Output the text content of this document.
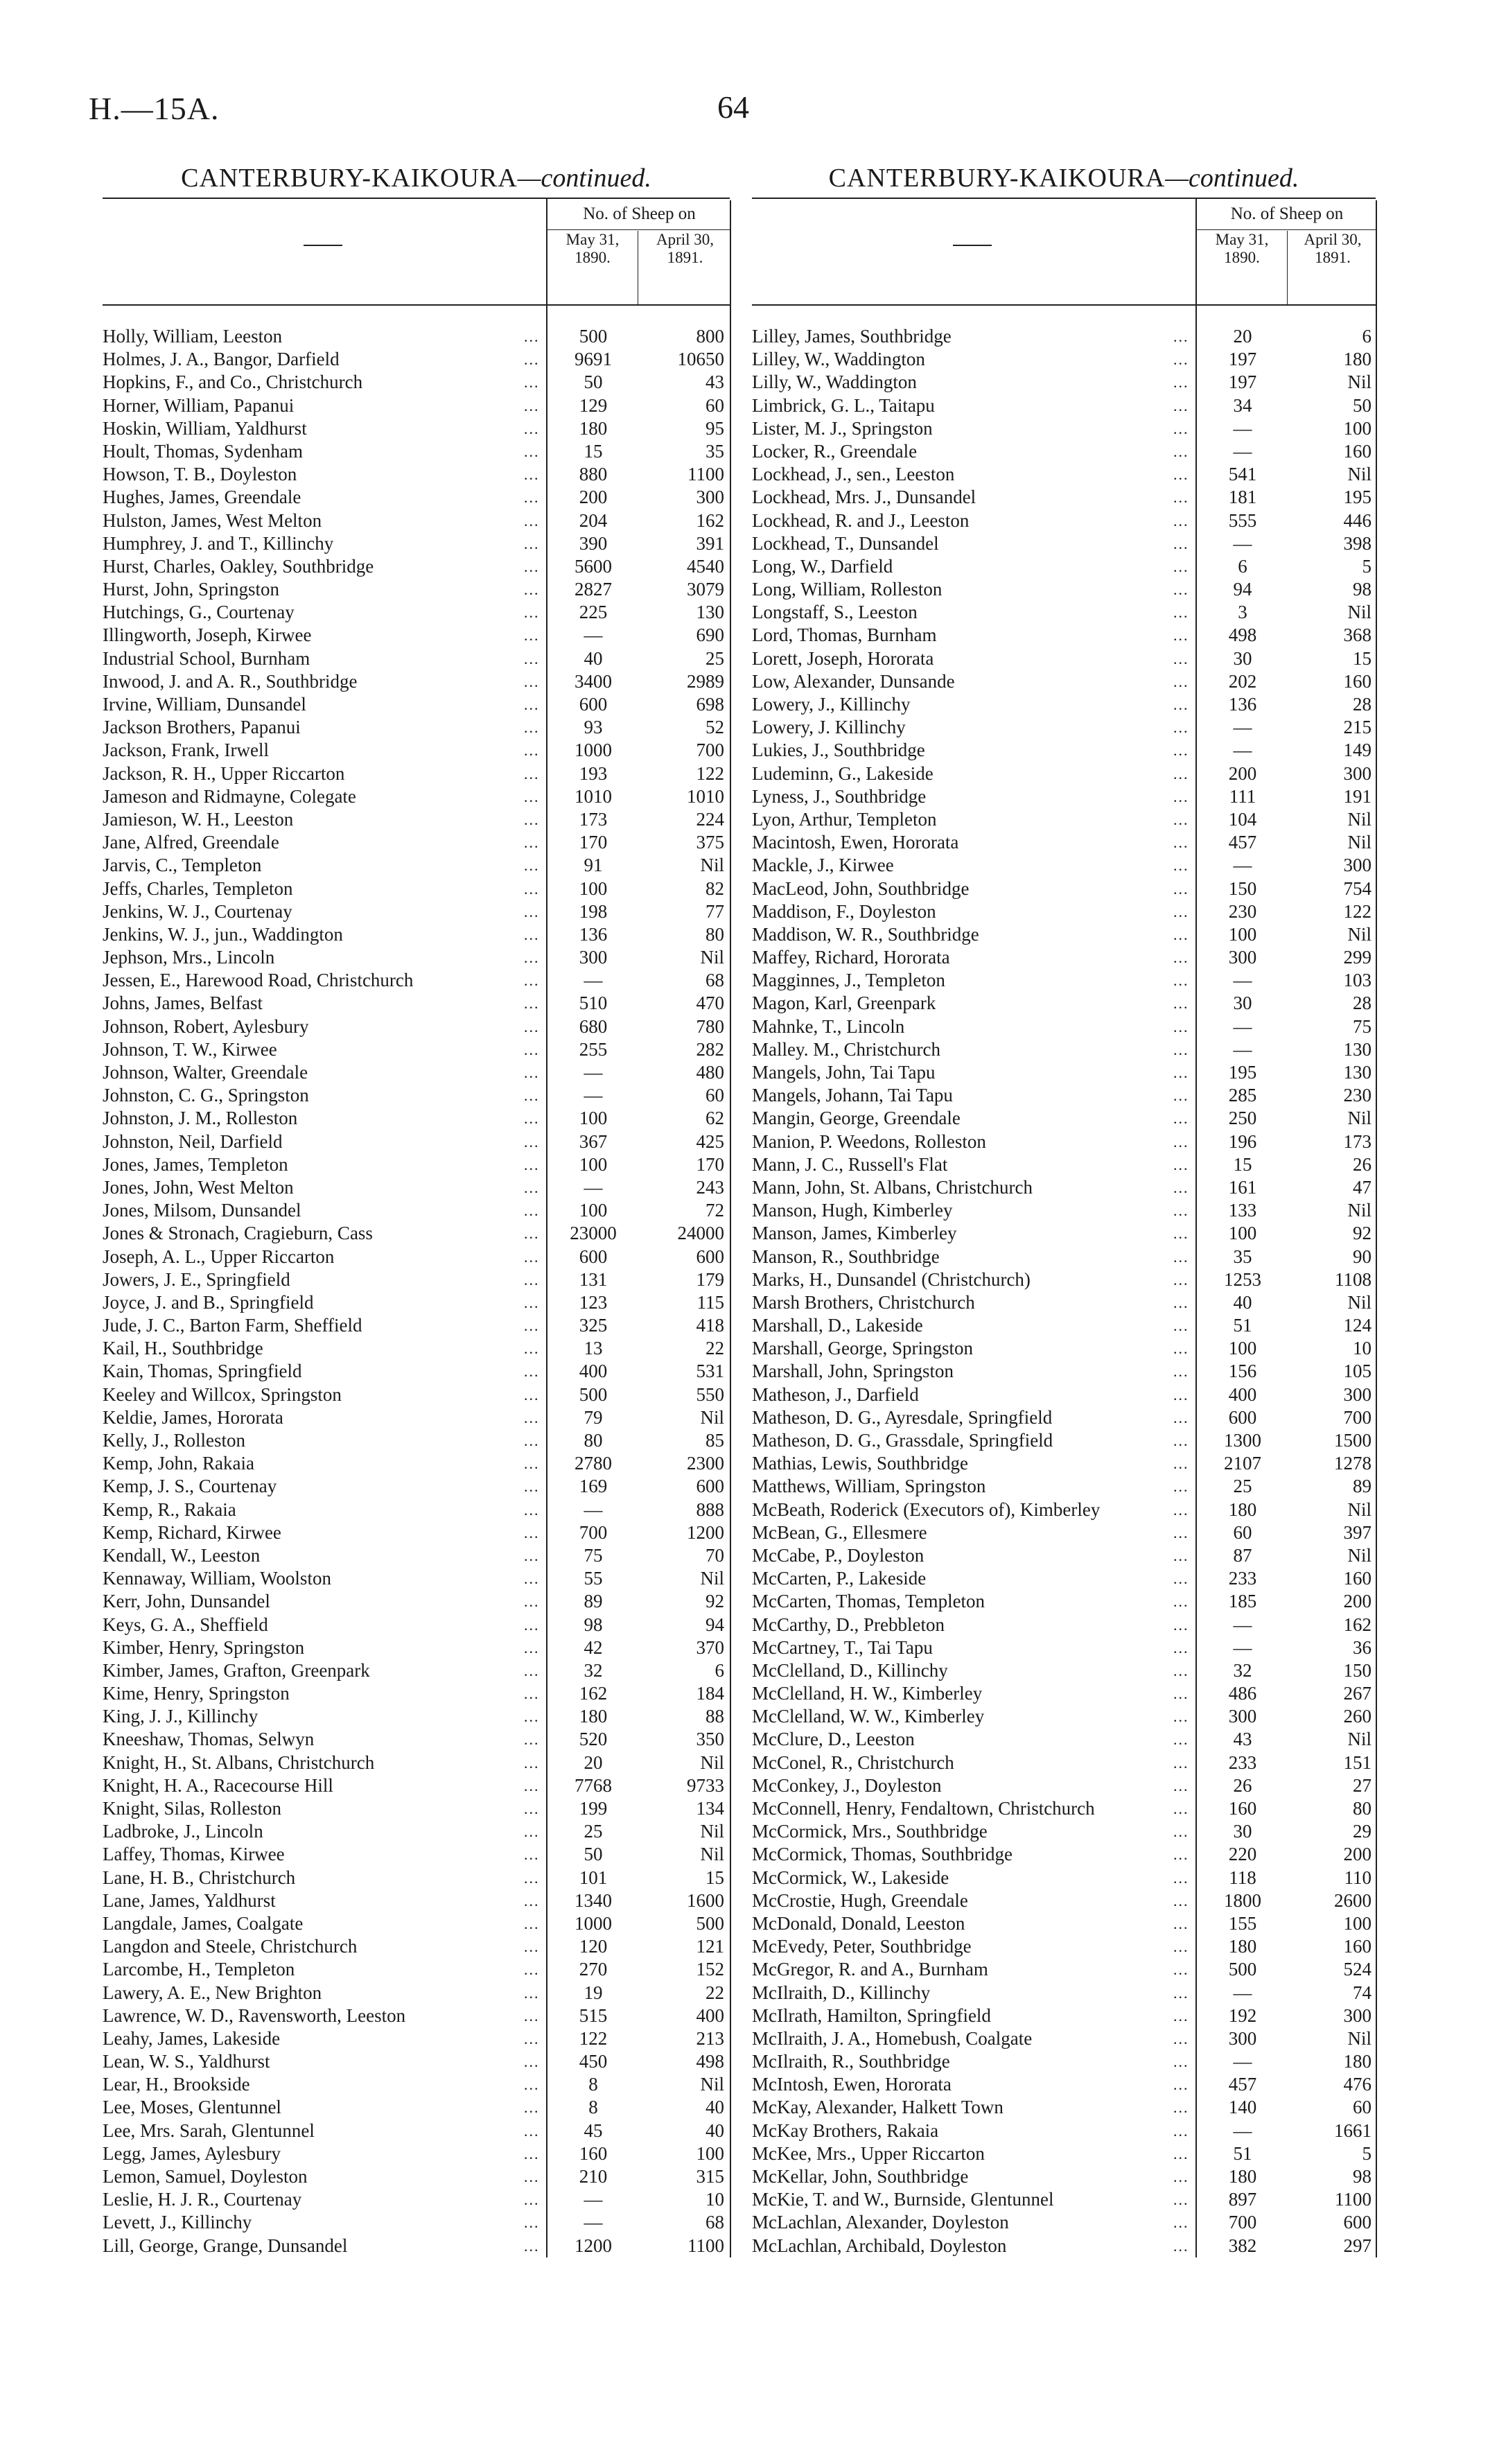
H.—15A.	64
CANTERBURY-KAIKOURA—continued.
No. of Sheep on
May 31,
1890.
April 30,
1891.
Holly, William, Leeston	...	500	800
Holmes, J. A., Bangor, Darfield	...	9691	10650
Hopkins, F., and Co., Christchurch	...	50	43
Horner, William, Papanui	...	129	60
Hoskin, William, Yaldhurst	...	180	95
Hoult, Thomas, Sydenham	...	15	35
Howson, T. B., Doyleston	...	880	1100
Hughes, James, Greendale	...	200	300
Hulston, James, West Melton	...	204	162
Humphrey, J. and T., Killinchy	...	390	391
Hurst, Charles, Oakley, Southbridge	...	5600	4540
Hurst, John, Springston	...	2827	3079
Hutchings, G., Courtenay	...	225	130
Illingworth, Joseph, Kirwee	...	—	690
Industrial School, Burnham	...	40	25
Inwood, J. and A. R., Southbridge	...	3400	2989
Irvine, William, Dunsandel	...	600	698
Jackson Brothers, Papanui	...	93	52
Jackson, Frank, Irwell	...	1000	700
Jackson, R. H., Upper Riccarton	...	193	122
Jameson and Ridmayne, Colegate	...	1010	1010
Jamieson, W. H., Leeston	...	173	224
Jane, Alfred, Greendale	...	170	375
Jarvis, C., Templeton	...	91	Nil
Jeffs, Charles, Templeton	...	100	82
Jenkins, W. J., Courtenay	...	198	77
Jenkins, W. J., jun., Waddington	...	136	80
Jephson, Mrs., Lincoln	...	300	Nil
Jessen, E., Harewood Road, Christchurch	...	—	68
Johns, James, Belfast	...	510	470
Johnson, Robert, Aylesbury	...	680	780
Johnson, T. W., Kirwee	...	255	282
Johnson, Walter, Greendale	...	—	480
Johnston, C. G., Springston	...	—	60
Johnston, J. M., Rolleston	...	100	62
Johnston, Neil, Darfield	...	367	425
Jones, James, Templeton	...	100	170
Jones, John, West Melton	...	—	243
Jones, Milsom, Dunsandel	...	100	72
Jones & Stronach, Cragieburn, Cass	...	23000	24000
Joseph, A. L., Upper Riccarton	...	600	600
Jowers, J. E., Springfield	...	131	179
Joyce, J. and B., Springfield	...	123	115
Jude, J. C., Barton Farm, Sheffield	...	325	418
Kail, H., Southbridge	...	13	22
Kain, Thomas, Springfield	...	400	531
Keeley and Willcox, Springston	...	500	550
Keldie, James, Hororata	...	79	Nil
Kelly, J., Rolleston	...	80	85
Kemp, John, Rakaia	...	2780	2300
Kemp, J. S., Courtenay	...	169	600
Kemp, R., Rakaia	...	—	888
Kemp, Richard, Kirwee	...	700	1200
Kendall, W., Leeston	...	75	70
Kennaway, William, Woolston	...	55	Nil
Kerr, John, Dunsandel	...	89	92
Keys, G. A., Sheffield	...	98	94
Kimber, Henry, Springston	...	42	370
Kimber, James, Grafton, Greenpark	...	32	6
Kime, Henry, Springston	...	162	184
King, J. J., Killinchy	...	180	88
Kneeshaw, Thomas, Selwyn	...	520	350
Knight, H., St. Albans, Christchurch	...	20	Nil
Knight, H. A., Racecourse Hill	...	7768	9733
Knight, Silas, Rolleston	...	199	134
Ladbroke, J., Lincoln	...	25	Nil
Laffey, Thomas, Kirwee	...	50	Nil
Lane, H. B., Christchurch	...	101	15
Lane, James, Yaldhurst	...	1340	1600
Langdale, James, Coalgate	...	1000	500
Langdon and Steele, Christchurch	...	120	121
Larcombe, H., Templeton	...	270	152
Lawery, A. E., New Brighton	...	19	22
Lawrence, W. D., Ravensworth, Leeston	...	515	400
Leahy, James, Lakeside	...	122	213
Lean, W. S., Yaldhurst	...	450	498
Lear, H., Brookside	...	8	Nil
Lee, Moses, Glentunnel	...	8	40
Lee, Mrs. Sarah, Glentunnel	...	45	40
Legg, James, Aylesbury	...	160	100
Lemon, Samuel, Doyleston	...	210	315
Leslie, H. J. R., Courtenay	...	—	10
Levett, J., Killinchy	...	—	68
Lill, George, Grange, Dunsandel	...	1200	1100
CANTERBURY-KAIKOURA—continued.
No. of Sheep on
May 31,
1890.
April 30,
1891.
Lilley, James, Southbridge	...	20	6
Lilley, W., Waddington	...	197	180
Lilly, W., Waddington	...	197	Nil
Limbrick, G. L., Taitapu	...	34	50
Lister, M. J., Springston	...	—	100
Locker, R., Greendale	...	—	160
Lockhead, J., sen., Leeston	...	541	Nil
Lockhead, Mrs. J., Dunsandel	...	181	195
Lockhead, R. and J., Leeston	...	555	446
Lockhead, T., Dunsandel	...	—	398
Long, W., Darfield	...	6	5
Long, William, Rolleston	...	94	98
Longstaff, S., Leeston	...	3	Nil
Lord, Thomas, Burnham	...	498	368
Lorett, Joseph, Hororata	...	30	15
Low, Alexander, Dunsande	...	202	160
Lowery, J., Killinchy	...	136	28
Lowery, J. Killinchy	...	—	215
Lukies, J., Southbridge	...	—	149
Ludeminn, G., Lakeside	...	200	300
Lyness, J., Southbridge	...	111	191
Lyon, Arthur, Templeton	...	104	Nil
Macintosh, Ewen, Hororata	...	457	Nil
Mackle, J., Kirwee	...	—	300
MacLeod, John, Southbridge	...	150	754
Maddison, F., Doyleston	...	230	122
Maddison, W. R., Southbridge	...	100	Nil
Maffey, Richard, Hororata	...	300	299
Magginnes, J., Templeton	...	—	103
Magon, Karl, Greenpark	...	30	28
Mahnke, T., Lincoln	...	—	75
Malley. M., Christchurch	...	—	130
Mangels, John, Tai Tapu	...	195	130
Mangels, Johann, Tai Tapu	...	285	230
Mangin, George, Greendale	...	250	Nil
Manion, P. Weedons, Rolleston	...	196	173
Mann, J. C., Russell's Flat	...	15	26
Mann, John, St. Albans, Christchurch	...	161	47
Manson, Hugh, Kimberley	...	133	Nil
Manson, James, Kimberley	...	100	92
Manson, R., Southbridge	...	35	90
Marks, H., Dunsandel (Christchurch)	...	1253	1108
Marsh Brothers, Christchurch	...	40	Nil
Marshall, D., Lakeside	...	51	124
Marshall, George, Springston	...	100	10
Marshall, John, Springston	...	156	105
Matheson, J., Darfield	...	400	300
Matheson, D. G., Ayresdale, Springfield	...	600	700
Matheson, D. G., Grassdale, Springfield	...	1300	1500
Mathias, Lewis, Southbridge	...	2107	1278
Matthews, William, Springston	...	25	89
McBeath, Roderick (Executors of), Kimberley	...	180	Nil
McBean, G., Ellesmere	...	60	397
McCabe, P., Doyleston	...	87	Nil
McCarten, P., Lakeside	...	233	160
McCarten, Thomas, Templeton	...	185	200
McCarthy, D., Prebbleton	...	—	162
McCartney, T., Tai Tapu	...	—	36
McClelland, D., Killinchy	...	32	150
McClelland, H. W., Kimberley	...	486	267
McClelland, W. W., Kimberley	...	300	260
McClure, D., Leeston	...	43	Nil
McConel, R., Christchurch	...	233	151
McConkey, J., Doyleston	...	26	27
McConnell, Henry, Fendaltown, Christchurch	...	160	80
McCormick, Mrs., Southbridge	...	30	29
McCormick, Thomas, Southbridge	...	220	200
McCormick, W., Lakeside	...	118	110
McCrostie, Hugh, Greendale	...	1800	2600
McDonald, Donald, Leeston	...	155	100
McEvedy, Peter, Southbridge	...	180	160
McGregor, R. and A., Burnham	...	500	524
McIlraith, D., Killinchy	...	—	74
McIlrath, Hamilton, Springfield	...	192	300
McIlraith, J. A., Homebush, Coalgate	...	300	Nil
McIlraith, R., Southbridge	...	—	180
McIntosh, Ewen, Hororata	...	457	476
McKay, Alexander, Halkett Town	...	140	60
McKay Brothers, Rakaia	...	—	1661
McKee, Mrs., Upper Riccarton	...	51	5
McKellar, John, Southbridge	...	180	98
McKie, T. and W., Burnside, Glentunnel	...	897	1100
McLachlan, Alexander, Doyleston	...	700	600
McLachlan, Archibald, Doyleston	...	382	297
